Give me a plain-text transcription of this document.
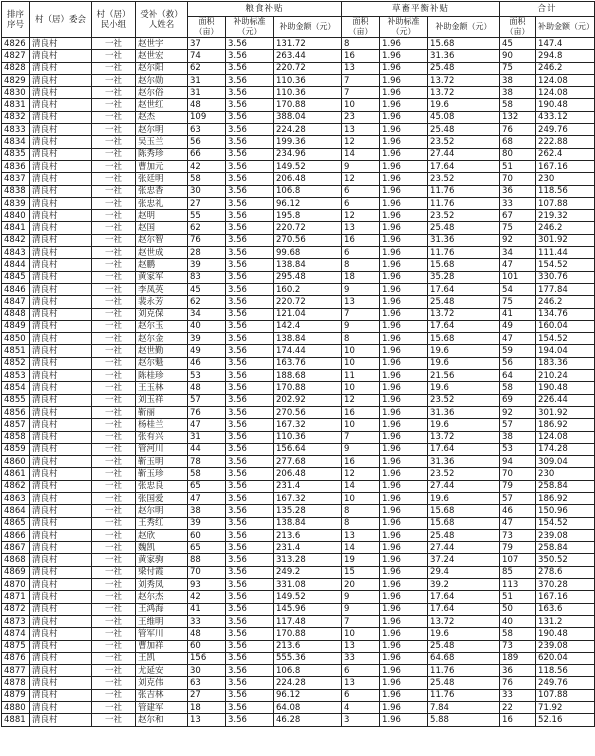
排序序号	村（居）委会	村（居）民小组	受补（救）人姓名	粮食补贴			草畜平衡补贴			合计	
				面积（亩）	补助标准（元）	补助金额（元）	面积（亩）	补助标准（元）	补助金额（元）	面积（亩）	补助金额（元）
4826	清良村	一社	赵世宇	37	3.56	131.72	8	1.96	15.68	45	147.4
4827	清良村	一社	赵世宏	74	3.56	263.44	16	1.96	31.36	90	294.8
4828	清良村	一社	赵尔阳	62	3.56	220.72	13	1.96	25.48	75	246.2
4829	清良村	一社	赵尔勋	31	3.56	110.36	7	1.96	13.72	38	124.08
4830	清良村	一社	赵尔俗	31	3.56	110.36	7	1.96	13.72	38	124.08
4831	清良村	一社	赵世红	48	3.56	170.88	10	1.96	19.6	58	190.48
4832	清良村	一社	赵杰	109	3.56	388.04	23	1.96	45.08	132	433.12
4833	清良村	一社	赵尔明	63	3.56	224.28	13	1.96	25.48	76	249.76
4834	清良村	一社	吴玉兰	56	3.56	199.36	12	1.96	23.52	68	222.88
4835	清良村	一社	陈秀珍	66	3.56	234.96	14	1.96	27.44	80	262.4
4836	清良村	一社	曹加元	42	3.56	149.52	9	1.96	17.64	51	167.16
4837	清良村	一社	张廷明	58	3.56	206.48	12	1.96	23.52	70	230
4838	清良村	一社	张忠香	30	3.56	106.8	6	1.96	11.76	36	118.56
4839	清良村	一社	张忠礼	27	3.56	96.12	6	1.96	11.76	33	107.88
4840	清良村	一社	赵明	55	3.56	195.8	12	1.96	23.52	67	219.32
4841	清良村	一社	赵国	62	3.56	220.72	13	1.96	25.48	75	246.2
4842	清良村	一社	赵尔智	76	3.56	270.56	16	1.96	31.36	92	301.92
4843	清良村	一社	赵世成	28	3.56	99.68	6	1.96	11.76	34	111.44
4844	清良村	一社	赵鹏	39	3.56	138.84	8	1.96	15.68	47	154.52
4845	清良村	一社	黄家军	83	3.56	295.48	18	1.96	35.28	101	330.76
4846	清良村	一社	李凤英	45	3.56	160.2	9	1.96	17.64	54	177.84
4847	清良村	一社	裴永芳	62	3.56	220.72	13	1.96	25.48	75	246.2
4848	清良村	一社	刘克保	34	3.56	121.04	7	1.96	13.72	41	134.76
4849	清良村	一社	赵尔玉	40	3.56	142.4	9	1.96	17.64	49	160.04
4850	清良村	一社	赵尔金	39	3.56	138.84	8	1.96	15.68	47	154.52
4851	清良村	一社	赵世勤	49	3.56	174.44	10	1.96	19.6	59	194.04
4852	清良村	一社	赵尔魁	46	3.56	163.76	10	1.96	19.6	56	183.36
4853	清良村	一社	陈桂珍	53	3.56	188.68	11	1.96	21.56	64	210.24
4854	清良村	一社	王玉林	48	3.56	170.88	10	1.96	19.6	58	190.48
4855	清良村	一社	刘玉祥	57	3.56	202.92	12	1.96	23.52	69	226.44
4856	清良村	一社	靳丽	76	3.56	270.56	16	1.96	31.36	92	301.92
4857	清良村	一社	杨桂兰	47	3.56	167.32	10	1.96	19.6	57	186.92
4858	清良村	一社	张有兴	31	3.56	110.36	7	1.96	13.72	38	124.08
4859	清良村	一社	管河川	44	3.56	156.64	9	1.96	17.64	53	174.28
4860	清良村	一社	靳玉明	78	3.56	277.68	16	1.96	31.36	94	309.04
4861	清良村	一社	靳玉珍	58	3.56	206.48	12	1.96	23.52	70	230
4862	清良村	一社	张忠良	65	3.56	231.4	14	1.96	27.44	79	258.84
4863	清良村	一社	张国爱	47	3.56	167.32	10	1.96	19.6	57	186.92
4864	清良村	一社	赵尔明	38	3.56	135.28	8	1.96	15.68	46	150.96
4865	清良村	一社	王秀红	39	3.56	138.84	8	1.96	15.68	47	154.52
4866	清良村	一社	赵欣	60	3.56	213.6	13	1.96	25.48	73	239.08
4867	清良村	一社	魏凯	65	3.56	231.4	14	1.96	27.44	79	258.84
4868	清良村	一社	黄家驹	88	3.56	313.28	19	1.96	37.24	107	350.52
4869	清良村	一社	梁付霞	70	3.56	249.2	15	1.96	29.4	85	278.6
4870	清良村	一社	刘秀凤	93	3.56	331.08	20	1.96	39.2	113	370.28
4871	清良村	一社	赵尔杰	42	3.56	149.52	9	1.96	17.64	51	167.16
4872	清良村	一社	王鸿海	41	3.56	145.96	9	1.96	17.64	50	163.6
4873	清良村	一社	王维明	33	3.56	117.48	7	1.96	13.72	40	131.2
4874	清良村	一社	管军川	48	3.56	170.88	10	1.96	19.6	58	190.48
4875	清良村	一社	曹加祥	60	3.56	213.6	13	1.96	25.48	73	239.08
4876	清良村	一社	王凯	156	3.56	555.36	33	1.96	64.68	189	620.04
4877	清良村	一社	尤延安	30	3.56	106.8	6	1.96	11.76	36	118.56
4878	清良村	一社	刘克伟	63	3.56	224.28	13	1.96	25.48	76	249.76
4879	清良村	一社	张吉林	27	3.56	96.12	6	1.96	11.76	33	107.88
4880	清良村	一社	管建军	18	3.56	64.08	4	1.96	7.84	22	71.92
4881	清良村	一社	赵尔和	13	3.56	46.28	3	1.96	5.88	16	52.16
